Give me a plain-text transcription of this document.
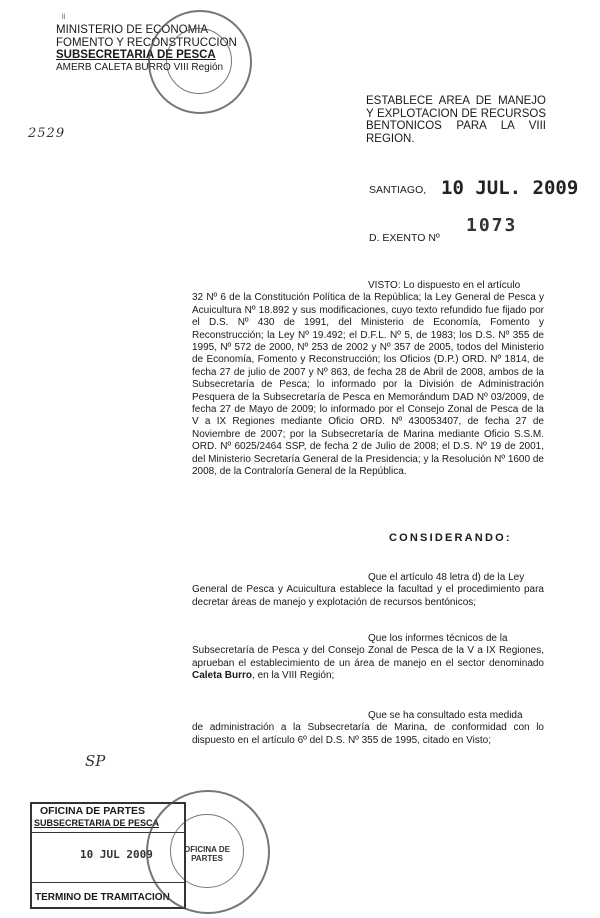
ll
MINISTERIO DE ECONOMIA
FOMENTO Y RECONSTRUCCION
SUBSECRETARIA DE PESCA
AMERB CALETA BURRO VIII Región
2529
ESTABLECE AREA DE MANEJO Y EXPLOTACION DE RECURSOS BENTONICOS PARA LA VIII REGION.
SANTIAGO, 10 JUL. 2009
D. EXENTO Nº
1073
VISTO: Lo dispuesto en el artículo
32 Nº 6 de la Constitución Política de la República; la Ley General de Pesca y Acuicultura Nº 18.892 y sus modificaciones, cuyo texto refundido fue fijado por el D.S. Nº 430 de 1991, del Ministerio de Economía, Fomento y Reconstrucción; la Ley Nº 19.492; el D.F.L. Nº 5, de 1983; los D.S. Nº 355 de 1995, Nº 572 de 2000, Nº 253 de 2002 y Nº 357 de 2005, todos del Ministerio de Economía, Fomento y Reconstrucción; los Oficios (D.P.) ORD. Nº 1814, de fecha 27 de julio de 2007 y Nº 863, de fecha 28 de Abril de 2008, ambos de la Subsecretaría de Pesca; lo informado por la División de Administración Pesquera de la Subsecretaría de Pesca en Memorándum DAD Nº 03/2009, de fecha 27 de Mayo de 2009; lo informado por el Consejo Zonal de Pesca de la V a IX Regiones mediante Oficio ORD. Nº 430053407, de fecha 27 de Noviembre de 2007; por la Subsecretaría de Marina mediante Oficio S.S.M. ORD. Nº 6025/2464 SSP, de fecha 2 de Julio de 2008; el D.S. Nº 19 de 2001, del Ministerio Secretaría General de la Presidencia; y la Resolución Nº 1600 de 2008, de la Contraloría General de la República.
CONSIDERANDO:
Que el artículo 48 letra d) de la Ley
General de Pesca y Acuicultura establece la facultad y el procedimiento para decretar áreas de manejo y explotación de recursos bentónicos;
Que los informes técnicos de la
Subsecretaría de Pesca y del Consejo Zonal de Pesca de la V a IX Regiones, aprueban el establecimiento de un área de manejo en el sector denominado Caleta Burro, en la VIII Región;
Que se ha consultado esta medida
de administración a la Subsecretaría de Marina, de conformidad con lo dispuesto en el artículo 6º del D.S. Nº 355 de 1995, citado en Visto;
SP
OFICINA DE PARTES
SUBSECRETARIA DE PESCA
10 JUL 2009
TERMINO DE TRAMITACION
OFICINA DE PARTES
